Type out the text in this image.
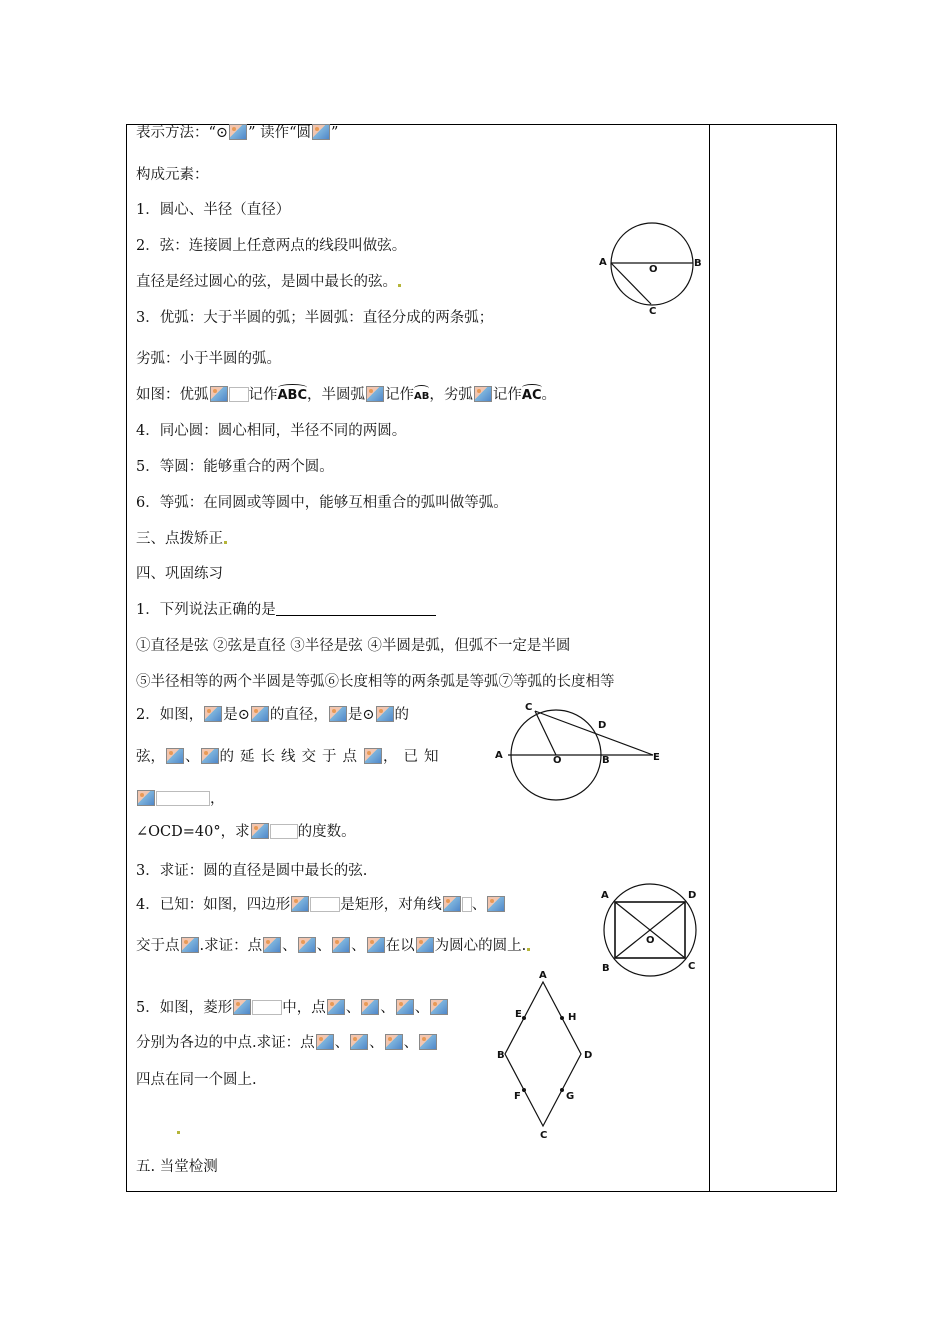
表示方法：“⊙ ” 读作“圆 ”
构成元素：
1．圆心、半径（直径）
2．弦：连接圆上任意两点的线段叫做弦。
直径是经过圆心的弦，是圆中最长的弦。
3．优弧：大于半圆的弧；半圆弧：直径分成的两条弧；
劣弧：小于半圆的弧。
如图：优弧	记作ABC，半圆弧 记作AB，劣弧 记作AC。
4．同心圆：圆心相同，半径不同的两圆。
5．等圆：能够重合的两个圆。
6．等弧：在同圆或等圆中，能够互相重合的弧叫做等弧。
三、点拨矫正
四、巩固练习
1．下列说法正确的是
①直径是弦 ②弦是直径 ③半径是弦 ④半圆是弧，但弧不一定是半圆
⑤半径相等的两个半圆是等弧⑥长度相等的两条弧是等弧⑦等弧的长度相等
2．如图， 是⊙ 的直径， 是⊙ 的
弦， 、 的延长线交于点 ，已知
，
∠OCD=40°，求	的度数。
3．求证：圆的直径是圆中最长的弦.
4．已知：如图，四边形	是矩形，对角线 、
交于点 .求证：点 、 、 、 在以 为圆心的圆上.
5．如图，菱形	中，点 、 、 、
分别为各边的中点.求证：点 、 、 、
四点在同一个圆上.
五. 当堂检测
A	B
C
O
A	B
C
D
E
O
A
B	C
D
O
A
B
C
D
E
F	G
H
